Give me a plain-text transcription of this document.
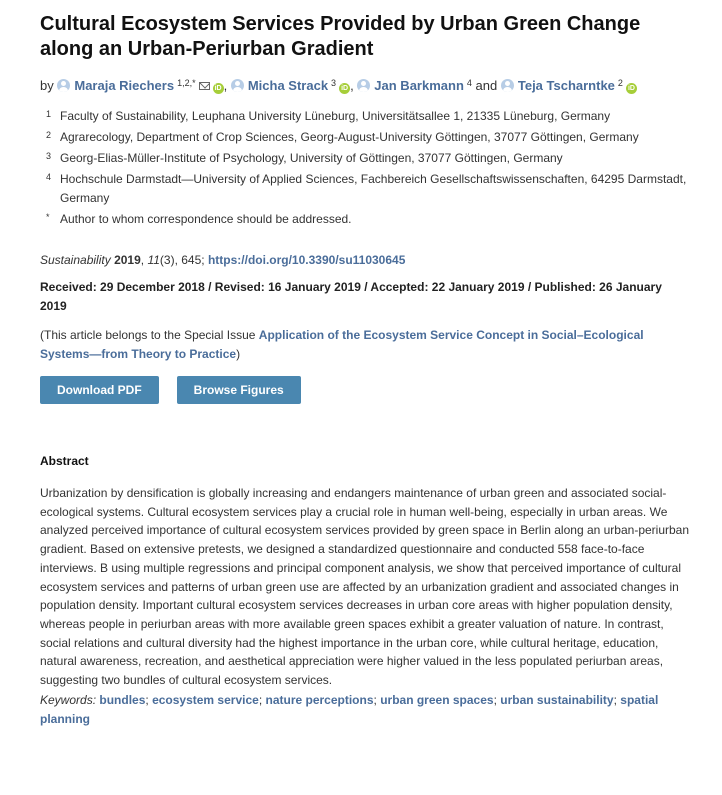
Cultural Ecosystem Services Provided by Urban Green Change along an Urban-Periurban Gradient
by Maraja Riechers $^{1,2,*}$iD , Micha Strack $^3$iD , Jan Barkmann $^4$ and Teja Tscharntke $^2$iD
1 Faculty of Sustainability, Leuphana University Lüneburg, Universitätsallee 1, 21335 Lüneburg, Germany
2 Agrarecology, Department of Crop Sciences, Georg-August-University Göttingen, 37077 Göttingen, Germany
3 Georg-Elias-Müller-Institute of Psychology, University of Göttingen, 37077 Göttingen, Germany
4 Hochschule Darmstadt—University of Applied Sciences, Fachbereich Gesellschaftswissenschaften, 64295 Darmstadt, Germany
* Author to whom correspondence should be addressed.
Sustainability 2019, 11(3), 645; https://doi.org/10.3390/su11030645
Received: 29 December 2018 / Revised: 16 January 2019 / Accepted: 22 January 2019 / Published: 26 January 2019
(This article belongs to the Special Issue Application of the Ecosystem Service Concept in Social–Ecological Systems—from Theory to Practice)
Download PDF	Browse Figures
Abstract
Urbanization by densification is globally increasing and endangers maintenance of urban green and associated social-ecological systems. Cultural ecosystem services play a crucial role in human well-being, especially in urban areas. We analyzed perceived importance of cultural ecosystem services provided by green space in Berlin along an urban-periurban gradient. Based on extensive pretests, we designed a standardized questionnaire and conducted 558 face-to-face interviews. B using multiple regressions and principal component analysis, we show that perceived importance of cultural ecosystem services and patterns of urban green use are affected by an urbanization gradient and associated changes in population density. Important cultural ecosystem services decreases in urban core areas with higher population density, whereas people in periurban areas with more available green spaces exhibit a greater valuation of nature. In contrast, social relations and cultural diversity had the highest importance in the urban core, while cultural heritage, education, natural awareness, recreation, and aesthetical appreciation were higher valued in the less populated periurban areas, suggesting two bundles of cultural ecosystem services.
Keywords: bundles; ecosystem service; nature perceptions; urban green spaces; urban sustainability; spatial planning
